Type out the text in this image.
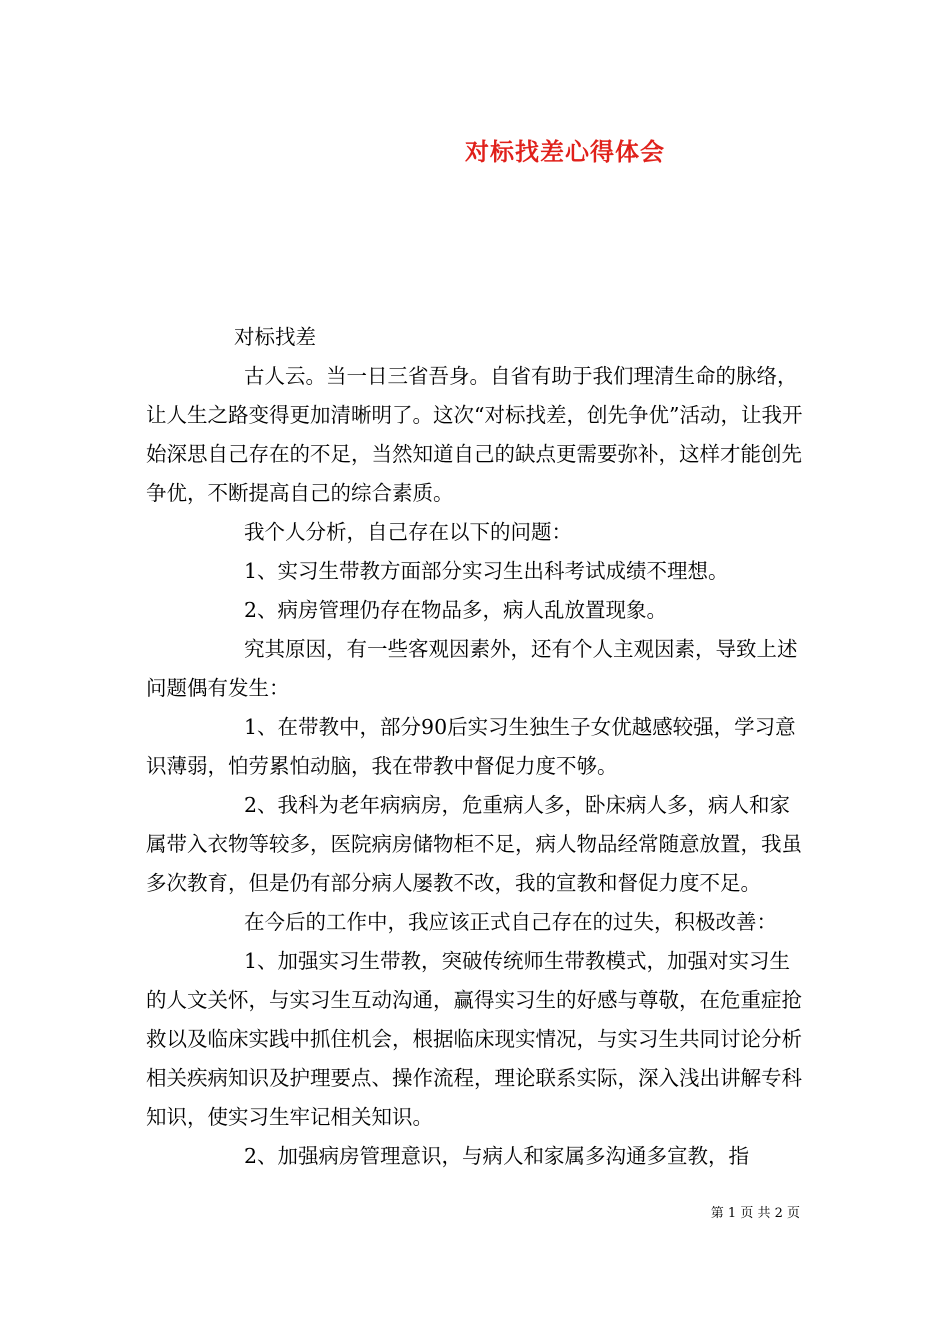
对标找差心得体会

对标找差

古人云。当一日三省吾身。自省有助于我们理清生命的脉络，让人生之路变得更加清晰明了。这次“对标找差，创先争优”活动，让我开始深思自己存在的不足，当然知道自己的缺点更需要弥补，这样才能创先争优，不断提高自己的综合素质。

我个人分析，自己存在以下的问题：

1、实习生带教方面部分实习生出科考试成绩不理想。

2、病房管理仍存在物品多，病人乱放置现象。

究其原因，有一些客观因素外，还有个人主观因素，导致上述问题偶有发生：

1、在带教中，部分90后实习生独生子女优越感较强，学习意识薄弱，怕劳累怕动脑，我在带教中督促力度不够。

2、我科为老年病病房，危重病人多，卧床病人多，病人和家属带入衣物等较多，医院病房储物柜不足，病人物品经常随意放置，我虽多次教育，但是仍有部分病人屡教不改，我的宣教和督促力度不足。

在今后的工作中，我应该正式自己存在的过失，积极改善：

1、加强实习生带教，突破传统师生带教模式，加强对实习生的人文关怀，与实习生互动沟通，赢得实习生的好感与尊敬，在危重症抢救以及临床实践中抓住机会，根据临床现实情况，与实习生共同讨论分析相关疾病知识及护理要点、操作流程，理论联系实际，深入浅出讲解专科知识，使实习生牢记相关知识。

2、加强病房管理意识，与病人和家属多沟通多宣教，指

第 1 页 共 2 页
